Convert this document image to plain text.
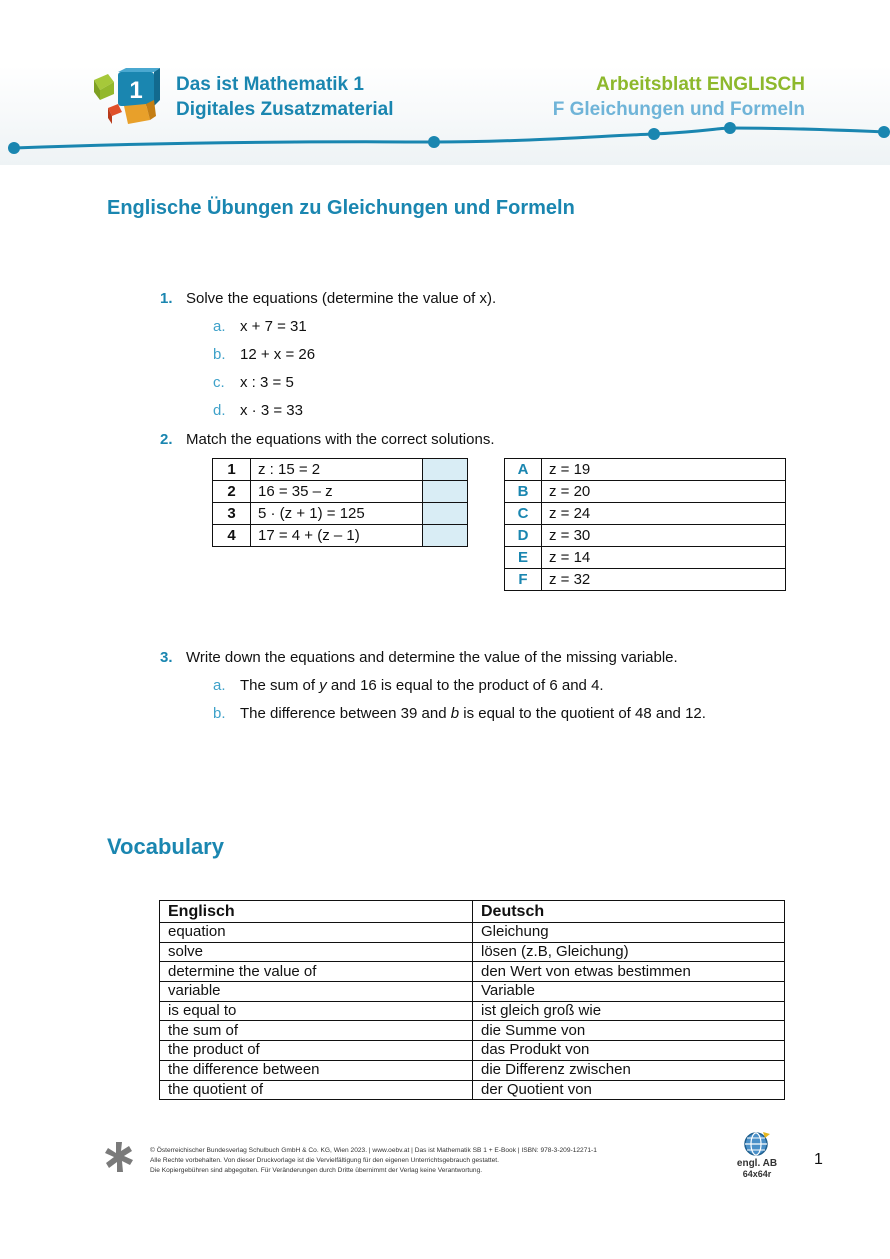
1 Das ist Mathematik 1
Digitales Zusatzmaterial
Arbeitsblatt ENGLISCH
F Gleichungen und Formeln
Englische Übungen zu Gleichungen und Formeln
1. Solve the equations (determine the value of x).
a. x + 7 = 31
b. 12 + x = 26
c. x : 3 = 5
d. x · 3 = 33
2. Match the equations with the correct solutions.
1	z : 15 = 2	
2	16 = 35 – z	
3	5 · (z + 1) = 125	
4	17 = 4 + (z – 1)	
A	z = 19
B	z = 20
C	z = 24
D	z = 30
E	z = 14
F	z = 32
3. Write down the equations and determine the value of the missing variable.
a. The sum of y and 16 is equal to the product of 6 and 4.
b. The difference between 39 and b is equal to the quotient of 48 and 12.
Vocabulary
Englisch	Deutsch
equation	Gleichung
solve	lösen (z.B, Gleichung)
determine the value of	den Wert von etwas bestimmen
variable	Variable
is equal to	ist gleich groß wie
the sum of	die Summe von
the product of	das Produkt von
the difference between	die Differenz zwischen
the quotient of	der Quotient von
© Österreichischer Bundesverlag Schulbuch GmbH & Co. KG, Wien 2023. | www.oebv.at | Das ist Mathematik SB 1 + E-Book | ISBN: 978-3-209-12271-1
Alle Rechte vorbehalten. Von dieser Druckvorlage ist die Vervielfältigung für den eigenen Unterrichtsgebrauch gestattet.
Die Kopiergebühren sind abgegolten. Für Veränderungen durch Dritte übernimmt der Verlag keine Verantwortung.
engl. AB
64x64r
1
